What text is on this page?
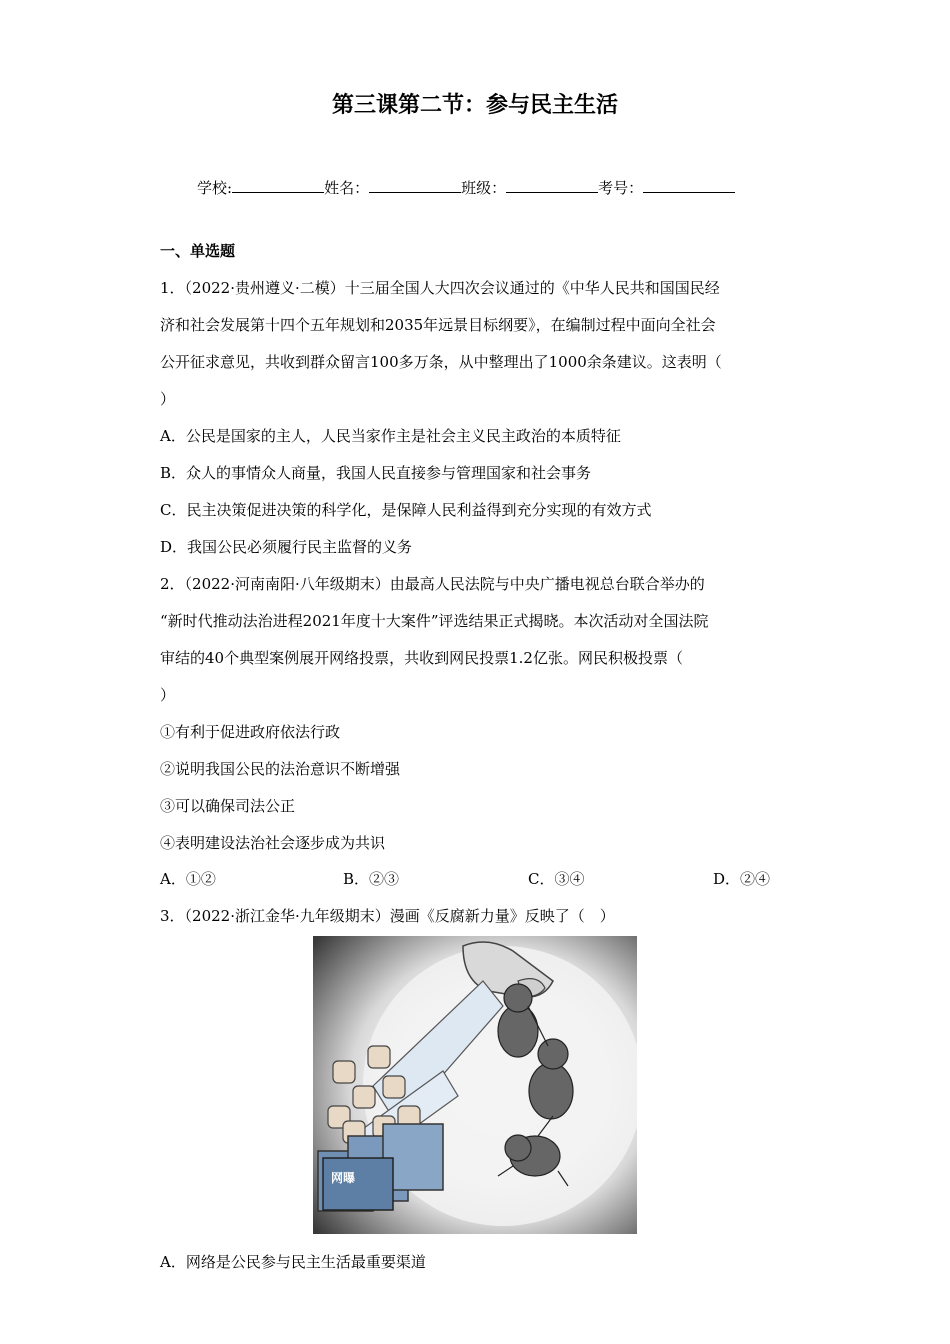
第三课第二节：参与民主生活
学校:	姓名：	班级：	考号：
一、单选题
1．（2022·贵州遵义·二模）十三届全国人大四次会议通过的《中华人民共和国国民经
济和社会发展第十四个五年规划和2035年远景目标纲要》，在编制过程中面向全社会
公开征求意见，共收到群众留言100多万条，从中整理出了1000余条建议。这表明（
）
A．公民是国家的主人，人民当家作主是社会主义民主政治的本质特征
B．众人的事情众人商量，我国人民直接参与管理国家和社会事务
C．民主决策促进决策的科学化，是保障人民利益得到充分实现的有效方式
D．我国公民必须履行民主监督的义务
2．（2022·河南南阳·八年级期末）由最高人民法院与中央广播电视总台联合举办的
“新时代推动法治进程2021年度十大案件”评选结果正式揭晓。本次活动对全国法院
审结的40个典型案例展开网络投票，共收到网民投票1.2亿张。网民积极投票（
）
①有利于促进政府依法行政
②说明我国公民的法治意识不断增强
③可以确保司法公正
④表明建设法治社会逐步成为共识
A．①②	B．②③	C．③④	D．②④
3．（2022·浙江金华·九年级期末）漫画《反腐新力量》反映了（　）
网曝
A．网络是公民参与民主生活最重要渠道
